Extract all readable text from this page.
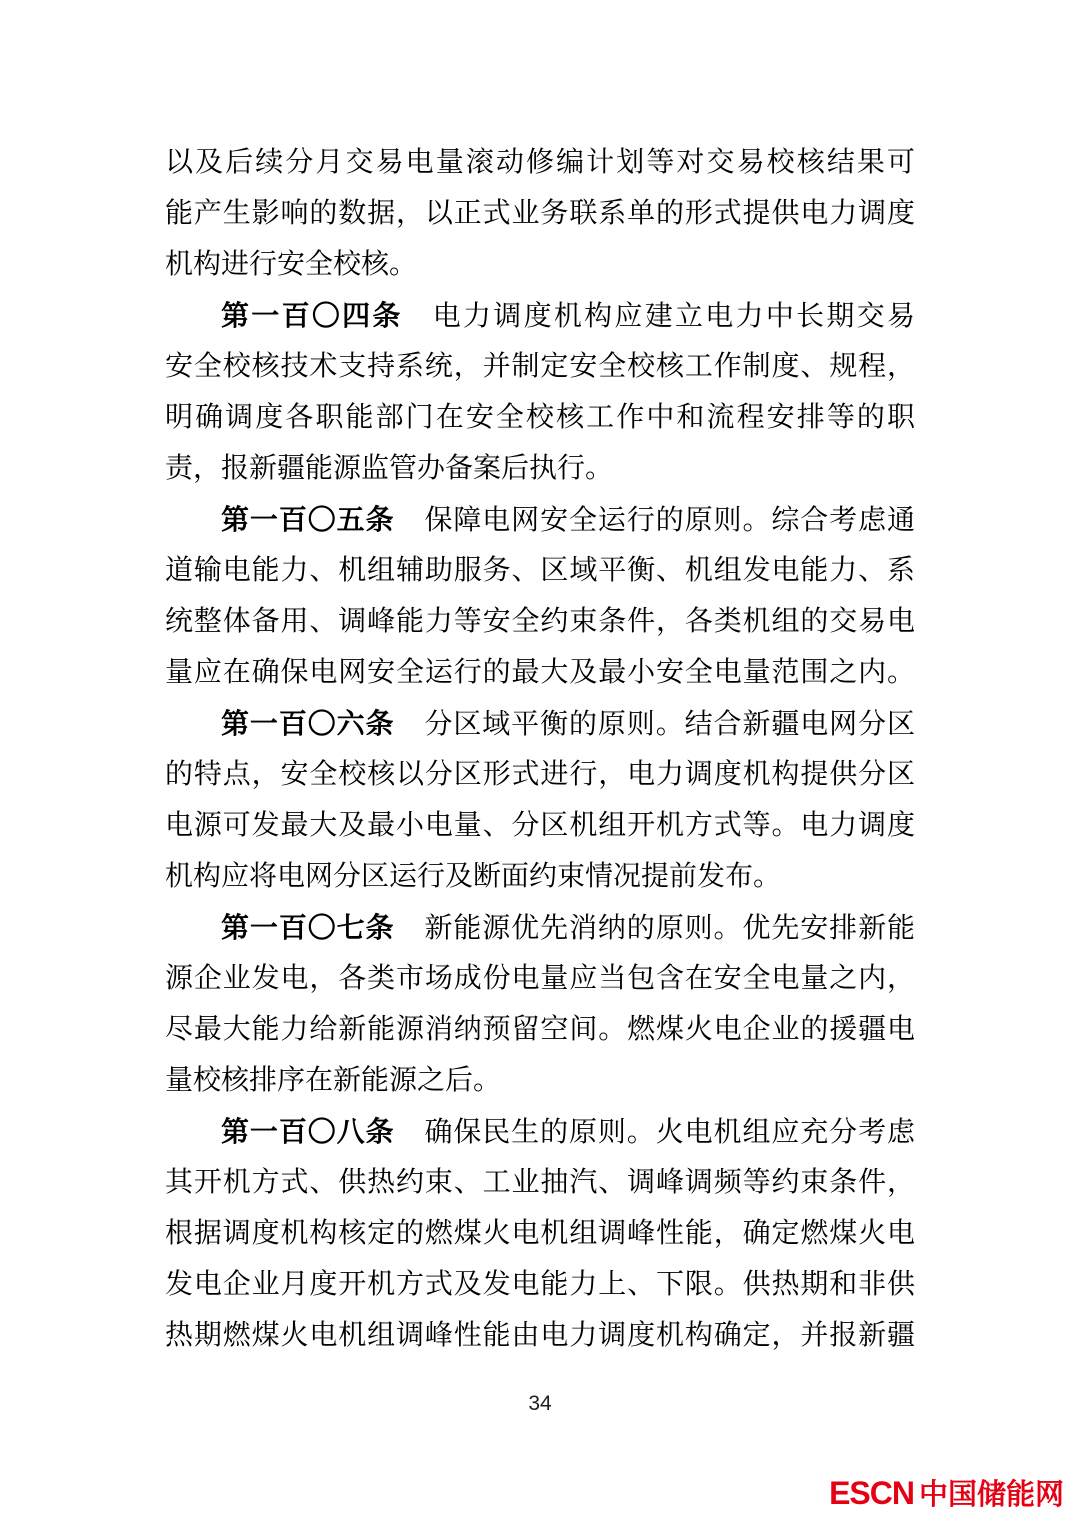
以及后续分月交易电量滚动修编计划等对交易校核结果可
能产生影响的数据，以正式业务联系单的形式提供电力调度
机构进行安全校核。
第一百〇四条 电力调度机构应建立电力中长期交易
安全校核技术支持系统，并制定安全校核工作制度、规程，
明确调度各职能部门在安全校核工作中和流程安排等的职
责，报新疆能源监管办备案后执行。
第一百〇五条 保障电网安全运行的原则。综合考虑通
道输电能力、机组辅助服务、区域平衡、机组发电能力、系
统整体备用、调峰能力等安全约束条件，各类机组的交易电
量应在确保电网安全运行的最大及最小安全电量范围之内。
第一百〇六条 分区域平衡的原则。结合新疆电网分区
的特点，安全校核以分区形式进行，电力调度机构提供分区
电源可发最大及最小电量、分区机组开机方式等。电力调度
机构应将电网分区运行及断面约束情况提前发布。
第一百〇七条 新能源优先消纳的原则。优先安排新能
源企业发电，各类市场成份电量应当包含在安全电量之内，
尽最大能力给新能源消纳预留空间。燃煤火电企业的援疆电
量校核排序在新能源之后。
第一百〇八条 确保民生的原则。火电机组应充分考虑
其开机方式、供热约束、工业抽汽、调峰调频等约束条件，
根据调度机构核定的燃煤火电机组调峰性能，确定燃煤火电
发电企业月度开机方式及发电能力上、下限。供热期和非供
热期燃煤火电机组调峰性能由电力调度机构确定，并报新疆
34
ESCN 中国储能网
